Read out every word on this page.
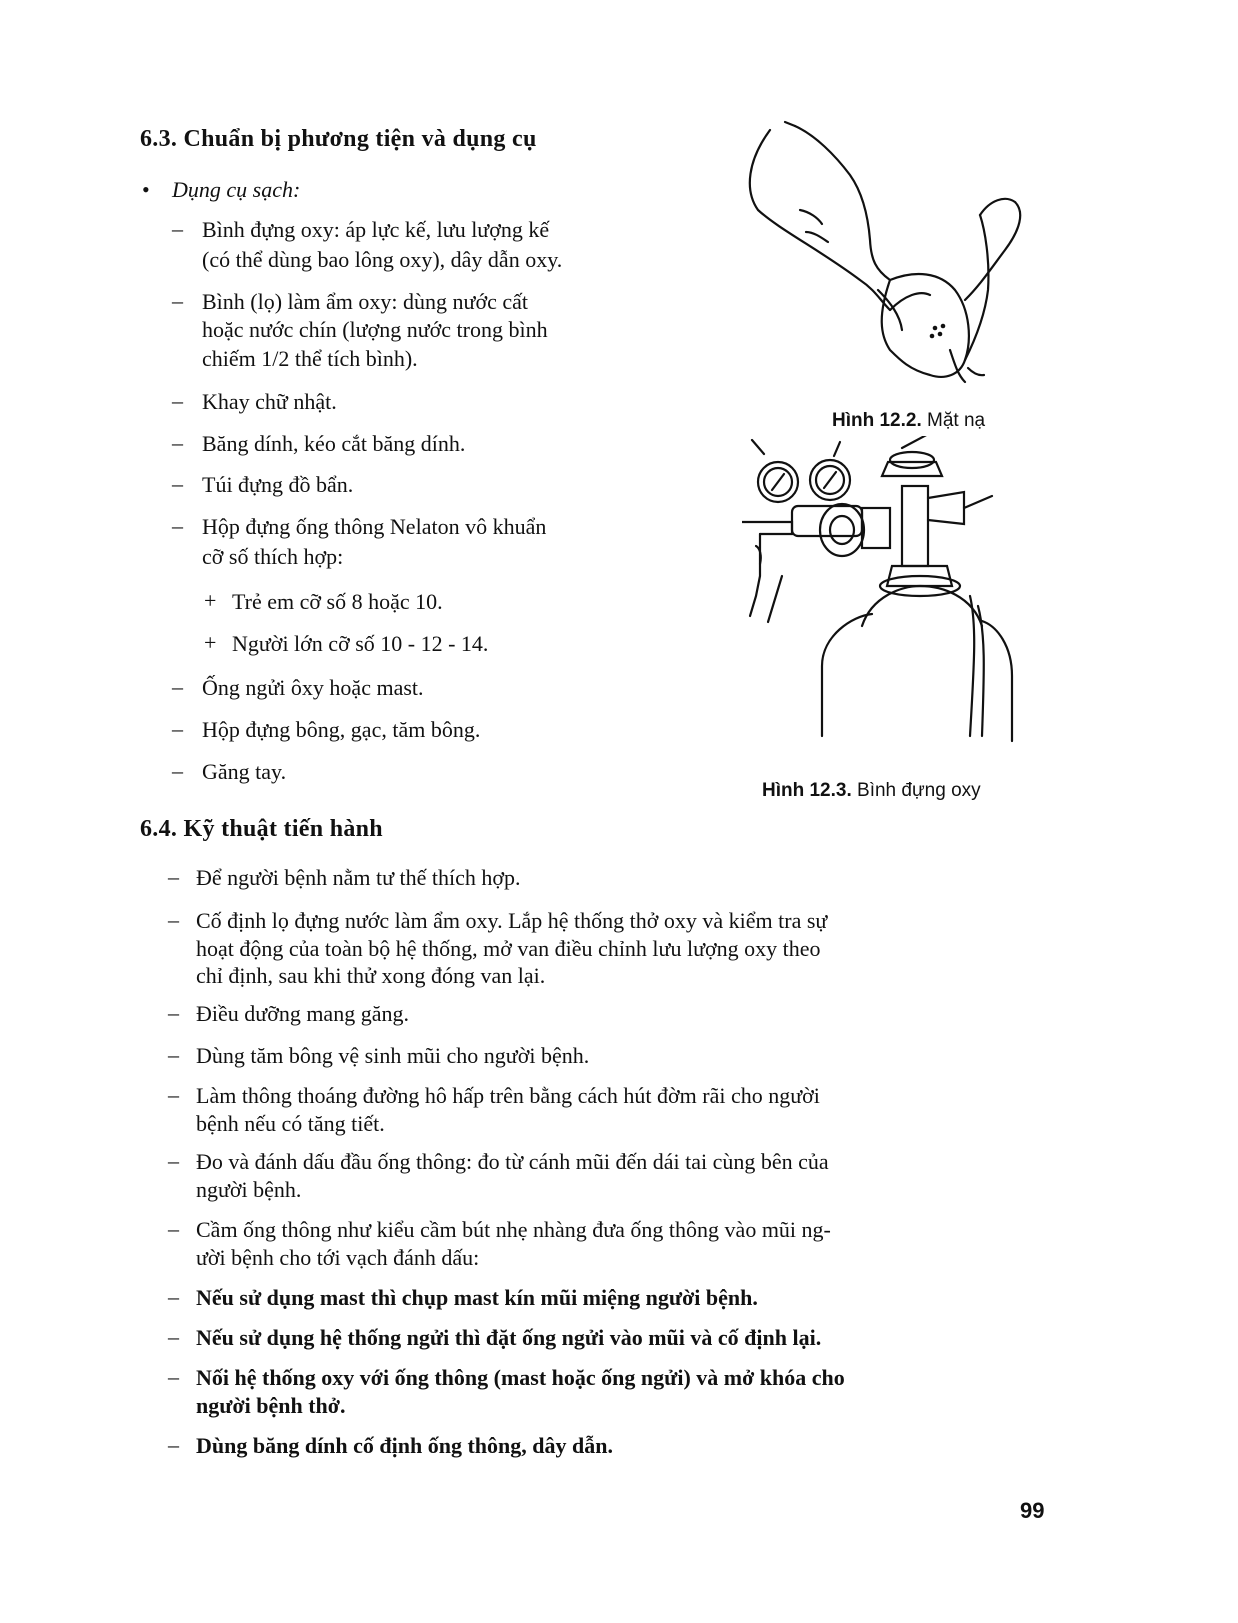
6.3. Chuẩn bị phương tiện và dụng cụ
• Dụng cụ sạch:
– Bình đựng oxy: áp lực kế, lưu lượng kế
(có thể dùng bao lông oxy), dây dẫn oxy.
– Bình (lọ) làm ẩm oxy: dùng nước cất
hoặc nước chín (lượng nước trong bình
chiếm 1/2 thể tích bình).
– Khay chữ nhật.
– Băng dính, kéo cắt băng dính.
– Túi đựng đồ bẩn.
– Hộp đựng ống thông Nelaton vô khuẩn
cỡ số thích hợp:
+ Trẻ em cỡ số 8 hoặc 10.
+ Người lớn cỡ số 10 - 12 - 14.
– Ống ngửi ôxy hoặc mast.
– Hộp đựng bông, gạc, tăm bông.
– Găng tay.
Hình 12.2. Mặt nạ
Hình 12.3. Bình đựng oxy
6.4. Kỹ thuật tiến hành
– Để người bệnh nằm tư thế thích hợp.
– Cố định lọ đựng nước làm ẩm oxy. Lắp hệ thống thở oxy và kiểm tra sự
hoạt động của toàn bộ hệ thống, mở van điều chỉnh lưu lượng oxy theo
chỉ định, sau khi thử xong đóng van lại.
– Điều dưỡng mang găng.
– Dùng tăm bông vệ sinh mũi cho người bệnh.
– Làm thông thoáng đường hô hấp trên bằng cách hút đờm rãi cho người
bệnh nếu có tăng tiết.
– Đo và đánh dấu đầu ống thông: đo từ cánh mũi đến dái tai cùng bên của
người bệnh.
– Cầm ống thông như kiểu cầm bút nhẹ nhàng đưa ống thông vào mũi ng-
ười bệnh cho tới vạch đánh dấu:
– Nếu sử dụng mast thì chụp mast kín mũi miệng người bệnh.
– Nếu sử dụng hệ thống ngửi thì đặt ống ngửi vào mũi và cố định lại.
– Nối hệ thống oxy với ống thông (mast hoặc ống ngửi) và mở khóa cho
người bệnh thở.
– Dùng băng dính cố định ống thông, dây dẫn.
99
